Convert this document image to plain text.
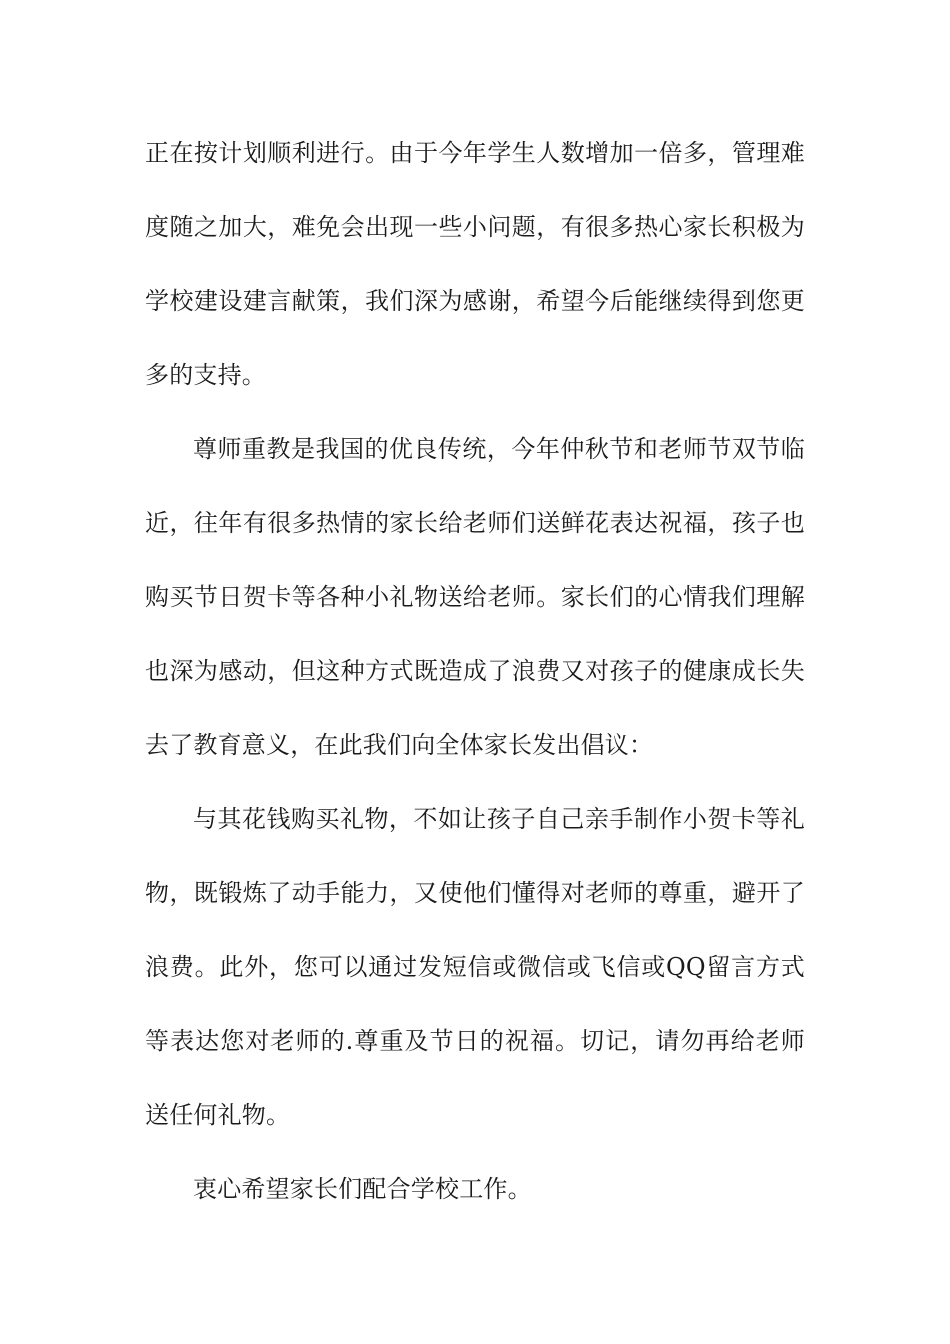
正在按计划顺利进行。由于今年学生人数增加一倍多，管理难度随之加大，难免会出现一些小问题，有很多热心家长积极为学校建设建言献策，我们深为感谢，希望今后能继续得到您更多的支持。

尊师重教是我国的优良传统，今年仲秋节和老师节双节临近，往年有很多热情的家长给老师们送鲜花表达祝福，孩子也购买节日贺卡等各种小礼物送给老师。家长们的心情我们理解也深为感动，但这种方式既造成了浪费又对孩子的健康成长失去了教育意义，在此我们向全体家长发出倡议：

与其花钱购买礼物，不如让孩子自己亲手制作小贺卡等礼物，既锻炼了动手能力，又使他们懂得对老师的尊重，避开了浪费。此外，您可以通过发短信或微信或飞信或QQ留言方式等表达您对老师的.尊重及节日的祝福。切记，请勿再给老师送任何礼物。

衷心希望家长们配合学校工作。
